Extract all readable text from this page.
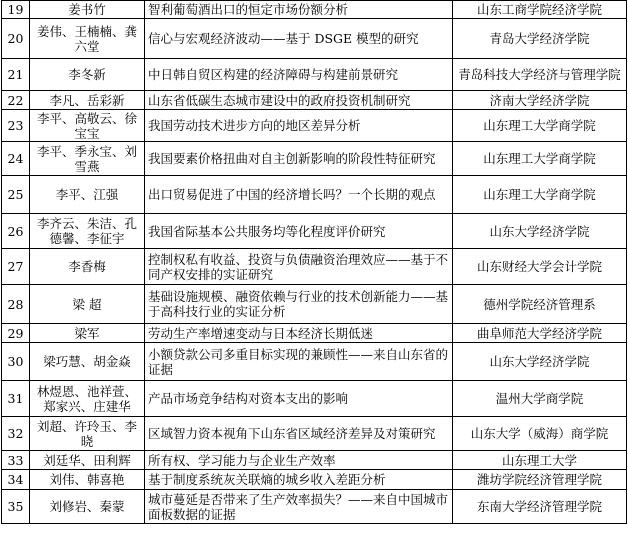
19	姜书竹	智利葡萄酒出口的恒定市场份额分析	山东工商学院经济学院
20	姜伟、王楠楠、龚六堂	信心与宏观经济波动——基于 DSGE 模型的研究	青岛大学经济学院
21	李冬新	中日韩自贸区构建的经济障碍与构建前景研究	青岛科技大学经济与管理学院
22	李凡、岳彩新	山东省低碳生态城市建设中的政府投资机制研究	济南大学经济学院
23	李平、高敬云、徐宝宝	我国劳动技术进步方向的地区差异分析	山东理工大学商学院
24	李平、季永宝、刘雪燕	我国要素价格扭曲对自主创新影响的阶段性特征研究	山东理工大学商学院
25	李平、江强	出口贸易促进了中国的经济增长吗？一个长期的观点	山东理工大学商学院
26	李齐云、朱洁、孔德馨、李征宇	我国省际基本公共服务均等化程度评价研究	山东大学经济学院
27	李香梅	控制权私有收益、投资与负债融资治理效应——基于不同产权安排的实证研究	山东财经大学会计学院
28	梁 超	基础设施规模、融资依赖与行业的技术创新能力——基于高科技行业的实证分析	德州学院经济管理系
29	梁军	劳动生产率增速变动与日本经济长期低迷	曲阜师范大学经济学院
30	梁巧慧、胡金焱	小额贷款公司多重目标实现的兼顾性——来自山东省的证据	山东大学经济学院
31	林煜恩、池祥萱、郑家兴、庄建华	产品市场竞争结构对资本支出的影响	温州大学商学院
32	刘超、许玲玉、李晓	区域智力资本视角下山东省区域经济差异及对策研究	山东大学（威海）商学院
33	刘廷华、田利辉	所有权、学习能力与企业生产效率	山东理工大学
34	刘伟、韩喜艳	基于制度系统灰关联熵的城乡收入差距分析	潍坊学院经济管理学院
35	刘修岩、秦蒙	城市蔓延是否带来了生产效率损失？——来自中国城市面板数据的证据	东南大学经济管理学院
